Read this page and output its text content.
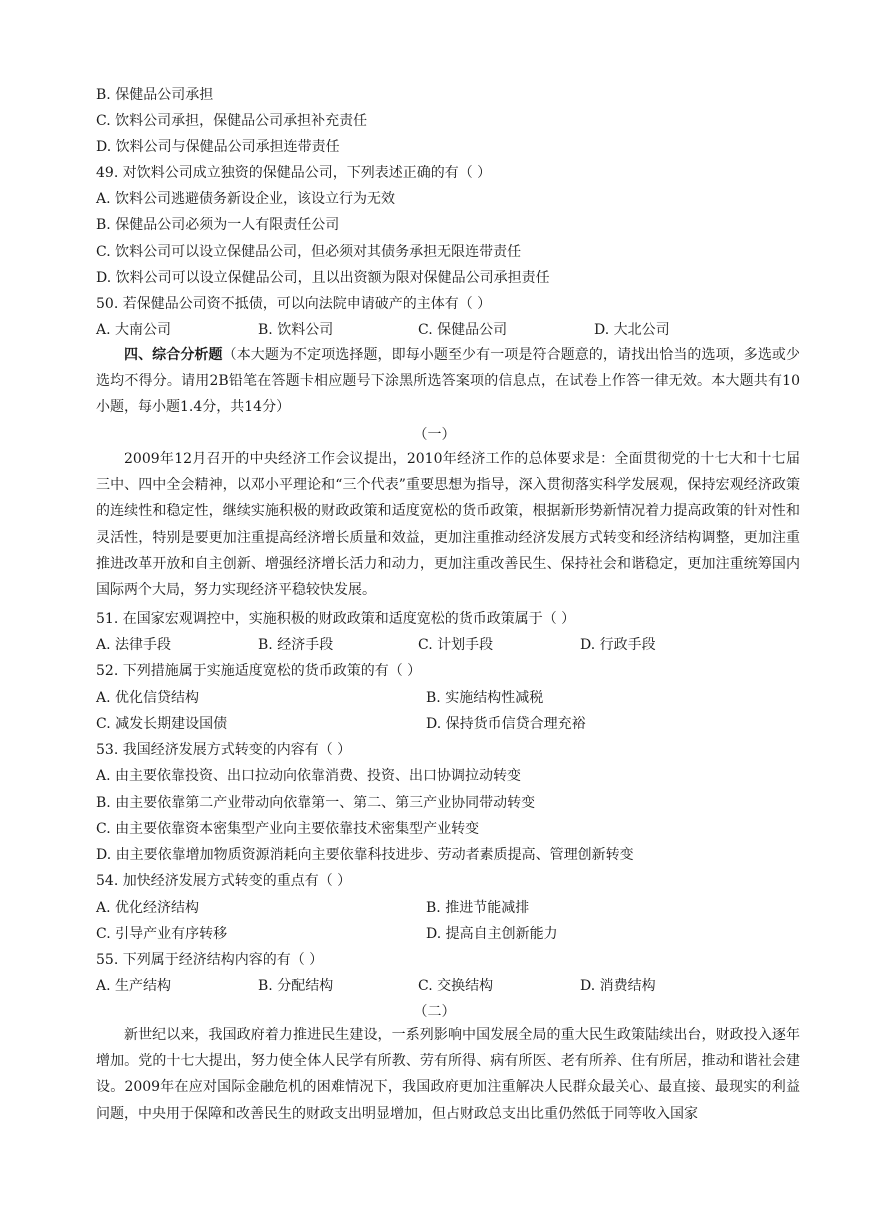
B. 保健品公司承担
C. 饮料公司承担，保健品公司承担补充责任
D. 饮料公司与保健品公司承担连带责任
49. 对饮料公司成立独资的保健品公司，下列表述正确的有（ ）
A. 饮料公司逃避债务新设企业，该设立行为无效
B. 保健品公司必须为一人有限责任公司
C. 饮料公司可以设立保健品公司，但必须对其债务承担无限连带责任
D. 饮料公司可以设立保健品公司，且以出资额为限对保健品公司承担责任
50. 若保健品公司资不抵债，可以向法院申请破产的主体有（ ）
A. 大南公司	B. 饮料公司	C. 保健品公司	D. 大北公司
四、综合分析题（本大题为不定项选择题，即每小题至少有一项是符合题意的，请找出恰当的选项，多选或少选均不得分。请用2B铅笔在答题卡相应题号下涂黑所选答案项的信息点，在试卷上作答一律无效。本大题共有10小题，每小题1.4分，共14分）
（一）
2009年12月召开的中央经济工作会议提出，2010年经济工作的总体要求是：全面贯彻党的十七大和十七届三中、四中全会精神，以邓小平理论和“三个代表”重要思想为指导，深入贯彻落实科学发展观，保持宏观经济政策的连续性和稳定性，继续实施积极的财政政策和适度宽松的货币政策，根据新形势新情况着力提高政策的针对性和灵活性，特别是要更加注重提高经济增长质量和效益，更加注重推动经济发展方式转变和经济结构调整，更加注重推进改革开放和自主创新、增强经济增长活力和动力，更加注重改善民生、保持社会和谐稳定，更加注重统筹国内国际两个大局，努力实现经济平稳较快发展。
51. 在国家宏观调控中，实施积极的财政政策和适度宽松的货币政策属于（ ）
A. 法律手段	B. 经济手段	C. 计划手段	D. 行政手段
52. 下列措施属于实施适度宽松的货币政策的有（ ）
A. 优化信贷结构	B. 实施结构性减税
C. 减发长期建设国债	D. 保持货币信贷合理充裕
53. 我国经济发展方式转变的内容有（ ）
A. 由主要依靠投资、出口拉动向依靠消费、投资、出口协调拉动转变
B. 由主要依靠第二产业带动向依靠第一、第二、第三产业协同带动转变
C. 由主要依靠资本密集型产业向主要依靠技术密集型产业转变
D. 由主要依靠增加物质资源消耗向主要依靠科技进步、劳动者素质提高、管理创新转变
54. 加快经济发展方式转变的重点有（ ）
A. 优化经济结构	B. 推进节能减排
C. 引导产业有序转移	D. 提高自主创新能力
55. 下列属于经济结构内容的有（ ）
A. 生产结构	B. 分配结构	C. 交换结构	D. 消费结构
（二）
新世纪以来，我国政府着力推进民生建设，一系列影响中国发展全局的重大民生政策陆续出台，财政投入逐年增加。党的十七大提出，努力使全体人民学有所教、劳有所得、病有所医、老有所养、住有所居，推动和谐社会建设。2009年在应对国际金融危机的困难情况下，我国政府更加注重解决人民群众最关心、最直接、最现实的利益问题，中央用于保障和改善民生的财政支出明显增加，但占财政总支出比重仍然低于同等收入国家
